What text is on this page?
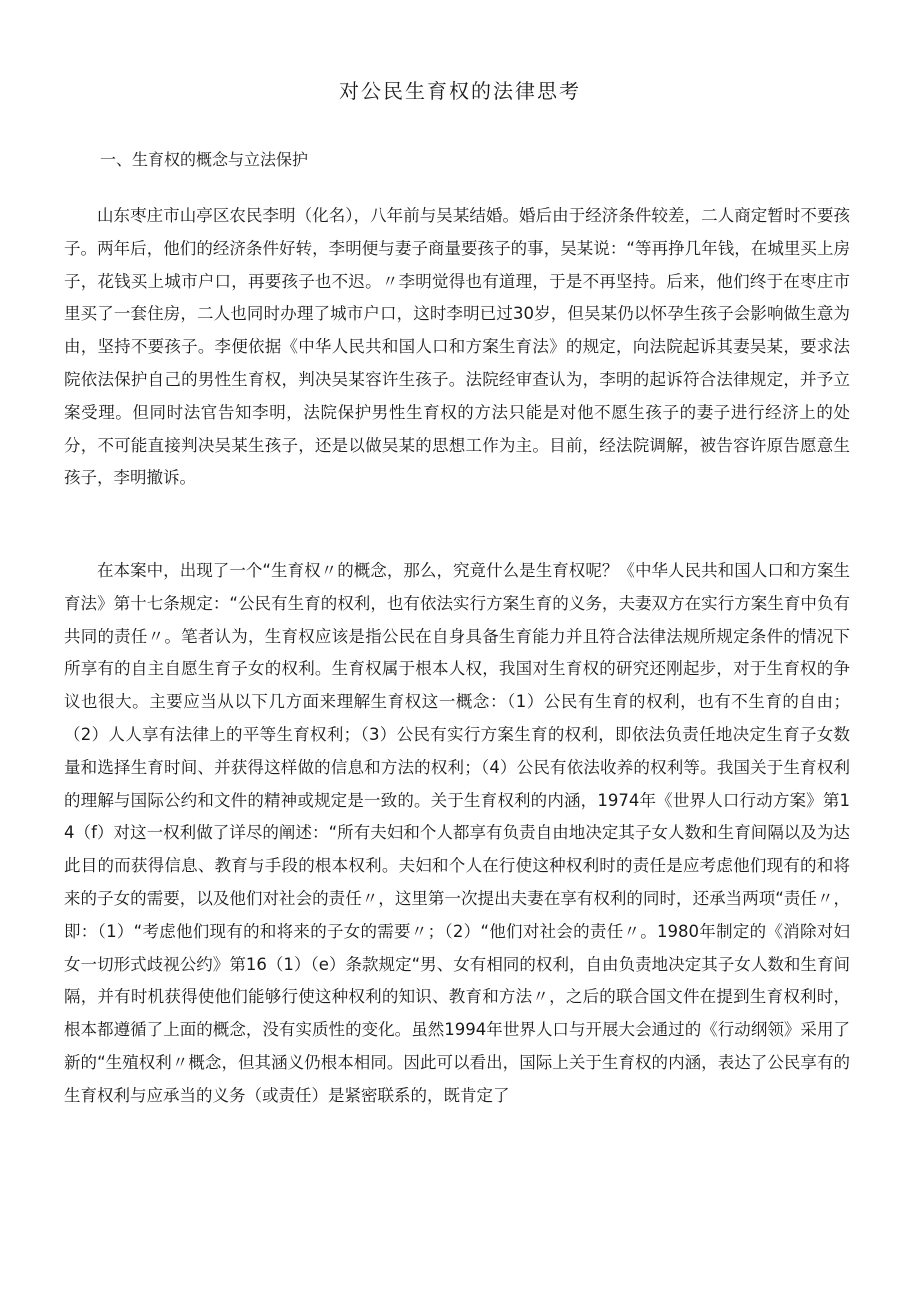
对公民生育权的法律思考
一、生育权的概念与立法保护

山东枣庄市山亭区农民李明（化名），八年前与吴某结婚。婚后由于经济条件较差，二人商定暂时不要孩子。两年后，他们的经济条件好转，李明便与妻子商量要孩子的事，吴某说：“等再挣几年钱，在城里买上房子，花钱买上城市户口，再要孩子也不迟。〃李明觉得也有道理，于是不再坚持。后来，他们终于在枣庄市里买了一套住房，二人也同时办理了城市户口，这时李明已过30岁，但吴某仍以怀孕生孩子会影响做生意为由，坚持不要孩子。李便依据《中华人民共和国人口和方案生育法》的规定，向法院起诉其妻吴某，要求法院依法保护自己的男性生育权，判决吴某容许生孩子。法院经审查认为，李明的起诉符合法律规定，并予立案受理。但同时法官告知李明，法院保护男性生育权的方法只能是对他不愿生孩子的妻子进行经济上的处分，不可能直接判决吴某生孩子，还是以做吴某的思想工作为主。目前，经法院调解，被告容许原告愿意生孩子，李明撤诉。

在本案中，出现了一个“生育权〃的概念，那么，究竟什么是生育权呢？《中华人民共和国人口和方案生育法》第十七条规定：“公民有生育的权利，也有依法实行方案生育的义务，夫妻双方在实行方案生育中负有共同的责任〃。笔者认为，生育权应该是指公民在自身具备生育能力并且符合法律法规所规定条件的情况下所享有的自主自愿生育子女的权利。生育权属于根本人权，我国对生育权的研究还刚起步，对于生育权的争议也很大。主要应当从以下几方面来理解生育权这一概念：（1）公民有生育的权利，也有不生育的自由；（2）人人享有法律上的平等生育权利；（3）公民有实行方案生育的权利，即依法负责任地决定生育子女数量和选择生育时间、并获得这样做的信息和方法的权利；（4）公民有依法收养的权利等。我国关于生育权利的理解与国际公约和文件的精神或规定是一致的。关于生育权利的内涵，1974年《世界人口行动方案》第14（f）对这一权利做了详尽的阐述：“所有夫妇和个人都享有负责自由地决定其子女人数和生育间隔以及为达此目的而获得信息、教育与手段的根本权利。夫妇和个人在行使这种权利时的责任是应考虑他们现有的和将来的子女的需要，以及他们对社会的责任〃，这里第一次提出夫妻在享有权利的同时，还承当两项“责任〃，即：（1）“考虑他们现有的和将来的子女的需要〃；（2）“他们对社会的责任〃。1980年制定的《消除对妇女一切形式歧视公约》第16（1）（e）条款规定“男、女有相同的权利，自由负责地决定其子女人数和生育间隔，并有时机获得使他们能够行使这种权利的知识、教育和方法〃，之后的联合国文件在提到生育权利时，根本都遵循了上面的概念，没有实质性的变化。虽然1994年世界人口与开展大会通过的《行动纲领》采用了新的“生殖权利〃概念，但其涵义仍根本相同。因此可以看出，国际上关于生育权的内涵，表达了公民享有的生育权利与应承当的义务（或责任）是紧密联系的，既肯定了
